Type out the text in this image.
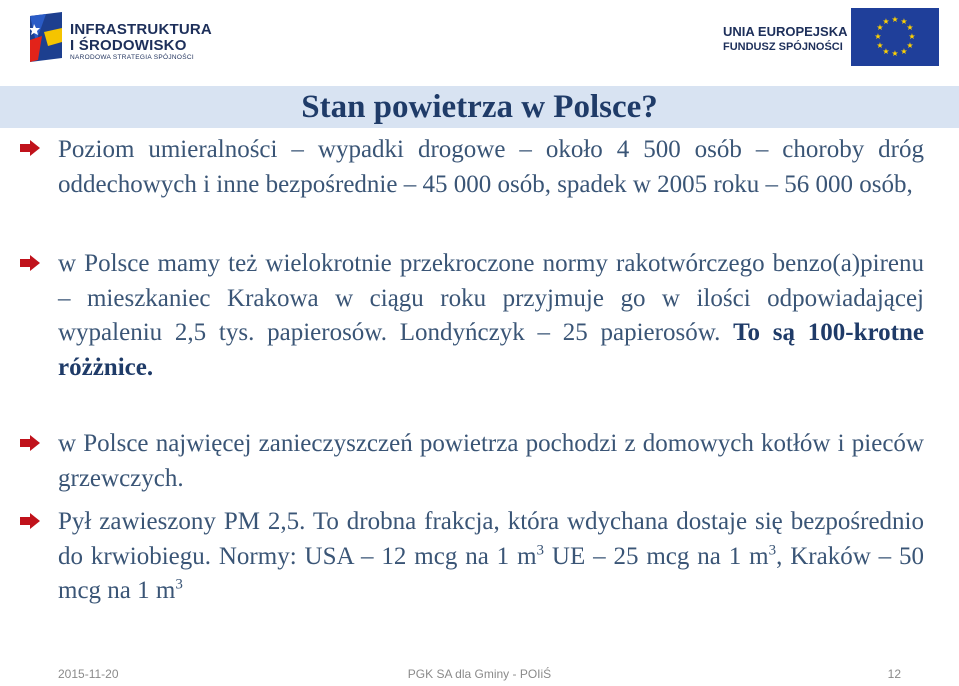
INFRASTRUKTURA
I ŚRODOWISKO
NARODOWA STRATEGIA SPÓJNOŚCI
UNIA EUROPEJSKA
FUNDUSZ SPÓJNOŚCI
★ ★
★
★
★
★
★
★
★
★
★
★
Stan powietrza w Polsce?
Poziom umieralności – wypadki drogowe – około 4 500 osób – choroby dróg oddechowych i inne bezpośrednie – 45 000 osób, spadek w 2005 roku – 56 000 osób,
w Polsce mamy też wielokrotnie przekroczone normy rakotwórczego benzo(a)pirenu – mieszkaniec Krakowa w ciągu roku przyjmuje go w ilości odpowiadającej wypaleniu 2,5 tys. papierosów. Londyńczyk – 25 papierosów. To są 100-krotne różżnice.
w Polsce najwięcej zanieczyszczeń powietrza pochodzi z domowych kotłów i pieców grzewczych.
Pył zawieszony PM 2,5. To drobna frakcja, która wdychana dostaje się bezpośrednio do krwiobiegu. Normy: USA – 12 mcg na 1 $m^3$ UE – 25 mcg na 1 $m^3$, Kraków – 50 mcg na 1 $m^3$
2015-11-20	PGK SA dla Gminy - POIiŚ	12
